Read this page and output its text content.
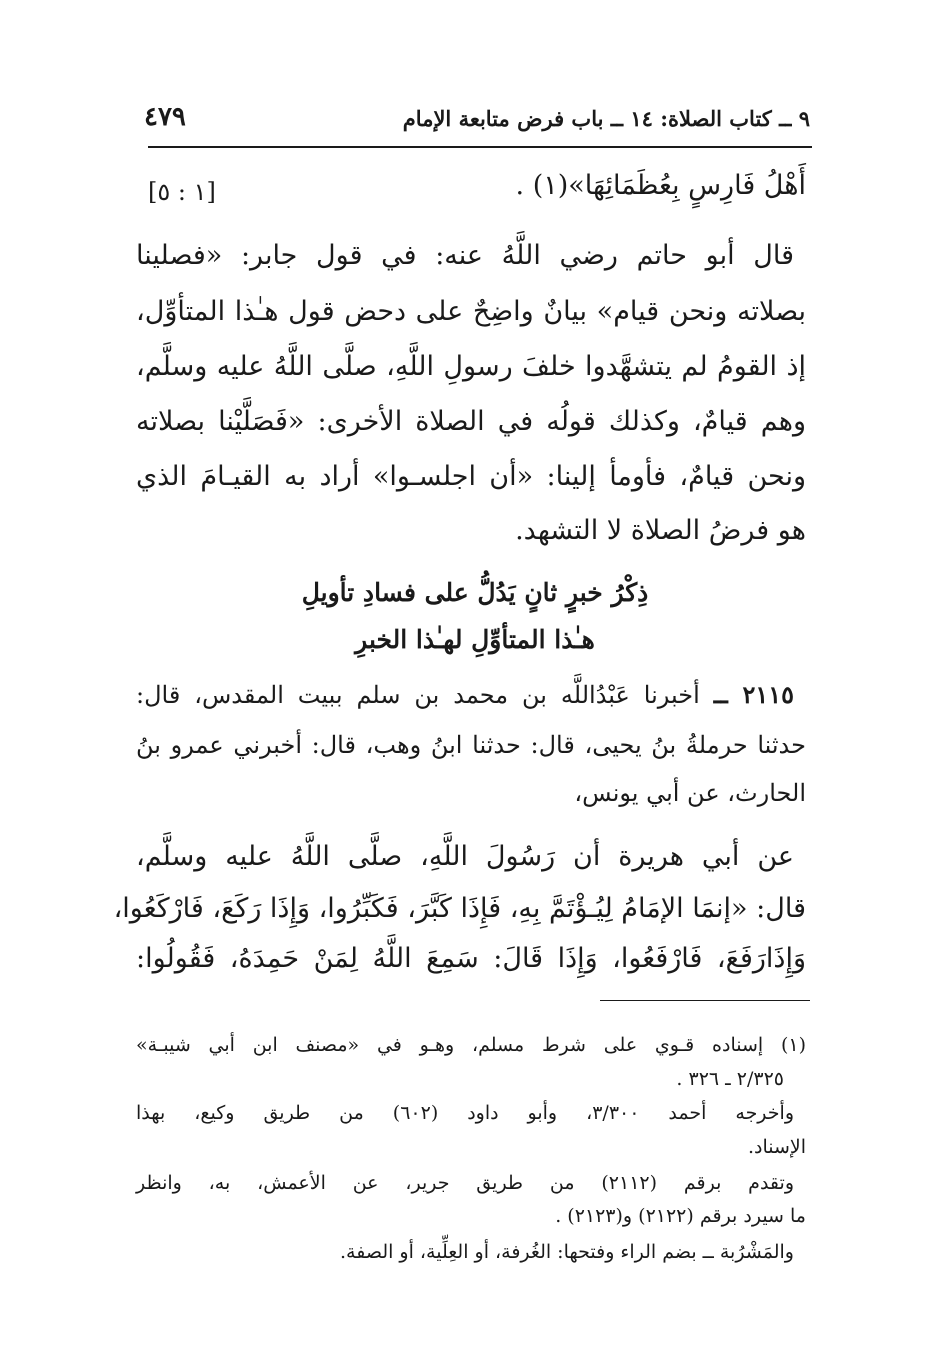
٩ ــ كتاب الصلاة: ١٤ ــ باب فرض متابعة الإمام
٤٧٩
أَهْلُ فَارِسٍ بِعُظَمَائِهَا»(١) .
[١ : ٥]
قال أبو حاتم رضي اللَّهُ عنه: في قول جابر: «فصلينا
بصلاته ونحن قيام» بيانٌ واضِحٌ على دحض قول هـٰذا المتأوِّل،
إذ القومُ لم يتشهَّدوا خلفَ رسولِ اللَّهِ، صلَّى اللَّهُ عليه وسلَّم،
وهم قيامٌ، وكذلك قولُه في الصلاة الأخرى: «فَصَلَّيْنا بصلاته
ونحن قيامٌ، فأومأ إلينا: «أن اجلسـوا» أراد به القيـامَ الذي
هو فرضُ الصلاة لا التشهد.
ذِكْرُ خبرٍ ثانٍ يَدُلُّ على فسادِ تأويلِ
هـٰذا المتأوِّلِ لهـٰذا الخبرِ
٢١١٥ ــ أخبرنا عَبْدُاللَّه بن محمد بن سلم ببيت المقدس، قال:
حدثنا حرملةُ بنُ يحيى، قال: حدثنا ابنُ وهب، قال: أخبرني عمرو بنُ
الحارث، عن أبي يونس،
عن أبي هريرة أن رَسُولَ اللَّهِ، صلَّى اللَّهُ عليه وسلَّم،
قال: «إنمَا الإمَامُ لِيُـؤْتَمَّ بِهِ، فَإِذَا كَبَّرَ، فَكَبِّرُوا، وَإِذَا رَكَعَ، فَارْكَعُوا،
وَإِذَارَفَعَ، فَارْفَعُوا، وَإِذَا قَالَ: سَمِعَ اللَّهُ لِمَنْ حَمِدَهُ، فَقُولُوا:
(١) إسناده قـوي على شرط مسلم، وهـو في «مصنف ابن أبي شيبـة»
٢/٣٢٥ ـ ٣٢٦ .
وأخرجه أحمد ٣/٣٠٠، وأبو داود (٦٠٢) من طريق وكيع، بهذا
الإسناد.
وتقدم برقم (٢١١٢) من طريق جرير، عن الأعمش، به، وانظر
ما سيرد برقم (٢١٢٢) و(٢١٢٣) .
والمَشْرُبة ــ بضم الراء وفتحها: الغُرفة، أو العِلِّية، أو الصفة.
